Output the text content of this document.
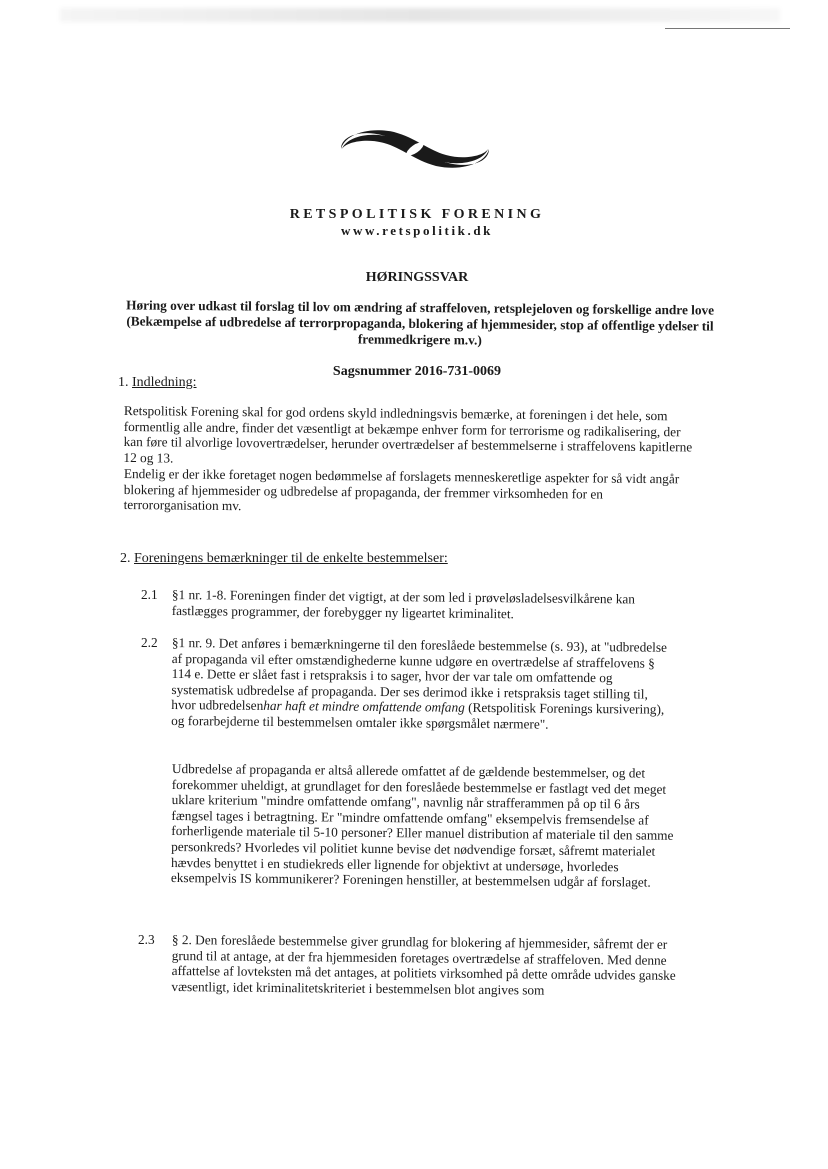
RETSPOLITISK FORENING
www.retspolitik.dk
HØRINGSSVAR
Høring over udkast til forslag til lov om ændring af straffeloven, retsplejeloven og forskellige andre love (Bekæmpelse af udbredelse af terrorpropaganda, blokering af hjemmesider, stop af offentlige ydelser til fremmedkrigere m.v.)
Sagsnummer 2016-731-0069
1. Indledning:

Retspolitisk Forening skal for god ordens skyld indledningsvis bemærke, at foreningen i det hele, som formentlig alle andre, finder det væsentligt at bekæmpe enhver form for terrorisme og radikalisering, der kan føre til alvorlige lovovertrædelser, herunder overtrædelser af bestemmelserne i straffelovens kapitlerne 12 og 13.

Endelig er der ikke foretaget nogen bedømmelse af forslagets menneskeretlige aspekter for så vidt angår blokering af hjemmesider og udbredelse af propaganda, der fremmer virksomheden for en terrororganisation mv.

2. Foreningens bemærkninger til de enkelte bestemmelser:
2.1 §1 nr. 1-8. Foreningen finder det vigtigt, at der som led i prøveløsladelsesvilkårene kan fastlægges programmer, der forebygger ny ligeartet kriminalitet.

2.2 §1 nr. 9. Det anføres i bemærkningerne til den foreslåede bestemmelse (s. 93), at "udbredelse af propaganda vil efter omstændighederne kunne udgøre en overtrædelse af straffelovens § 114 e. Dette er slået fast i retspraksis i to sager, hvor der var tale om omfattende og systematisk udbredelse af propaganda. Der ses derimod ikke i retspraksis taget stilling til, hvor udbredelsenhar haft et mindre omfattende omfang (Retspolitisk Forenings kursivering), og forarbejderne til bestemmelsen omtaler ikke spørgsmålet nærmere".

Udbredelse af propaganda er altså allerede omfattet af de gældende bestemmelser, og det forekommer uheldigt, at grundlaget for den foreslåede bestemmelse er fastlagt ved det meget uklare kriterium "mindre omfattende omfang", navnlig når strafferammen på op til 6 års fængsel tages i betragtning. Er "mindre omfattende omfang" eksempelvis fremsendelse af forherligende materiale til 5-10 personer? Eller manuel distribution af materiale til den samme personkreds? Hvorledes vil politiet kunne bevise det nødvendige forsæt, såfremt materialet hævdes benyttet i en studiekreds eller lignende for objektivt at undersøge, hvorledes eksempelvis IS kommunikerer? Foreningen henstiller, at bestemmelsen udgår af forslaget.

2.3 § 2. Den foreslåede bestemmelse giver grundlag for blokering af hjemmesider, såfremt der er grund til at antage, at der fra hjemmesiden foretages overtrædelse af straffeloven. Med denne affattelse af lovteksten må det antages, at politiets virksomhed på dette område udvides ganske væsentligt, idet kriminalitetskriteriet i bestemmelsen blot angives som
